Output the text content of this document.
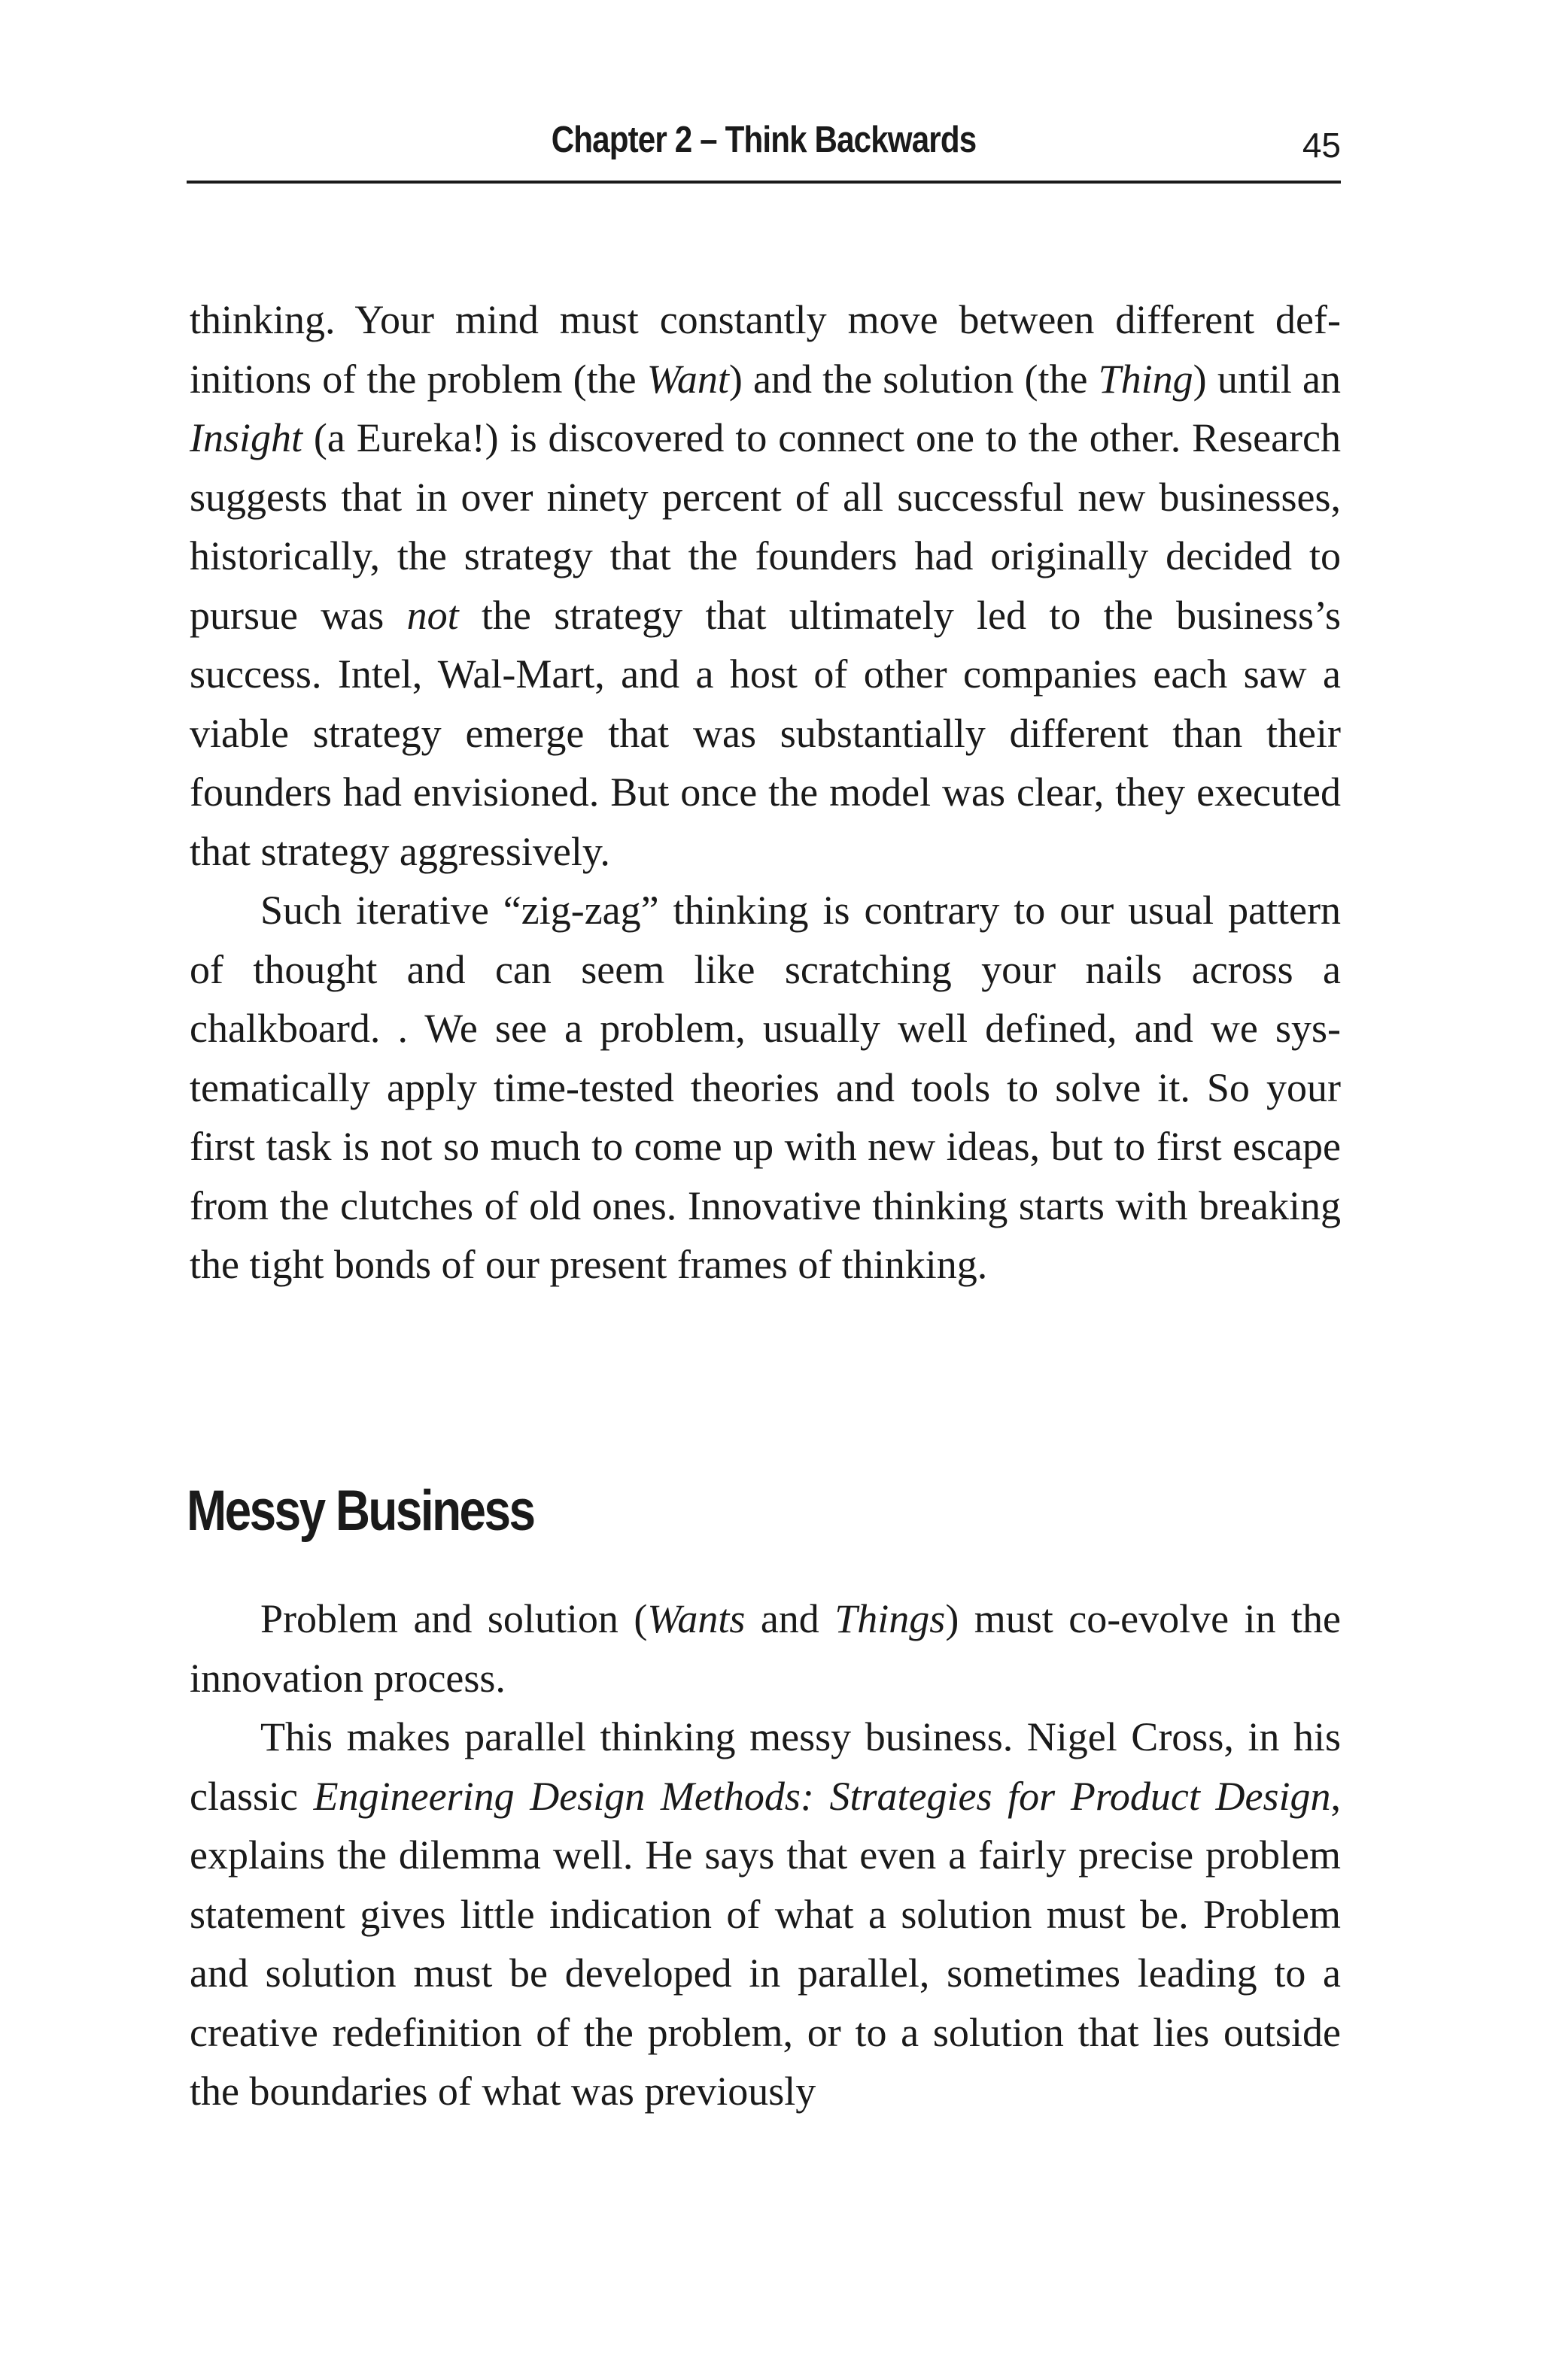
Chapter 2 – Think Backwards	45

thinking. Your mind must constantly move between different definitions of the problem (the Want) and the solution (the Thing) until an Insight (a Eureka!) is discovered to connect one to the other. Research suggests that in over ninety percent of all successful new businesses, historically, the strategy that the founders had originally decided to pursue was not the strategy that ultimately led to the business’s success. Intel, Wal-Mart, and a host of other companies each saw a viable strategy emerge that was substantially different than their founders had envisioned. But once the model was clear, they executed that strategy aggressively.

Such iterative “zig-zag” thinking is contrary to our usual pattern of thought and can seem like scratching your nails across a chalkboard. . We see a problem, usually well defined, and we systematically apply time-tested theories and tools to solve it. So your first task is not so much to come up with new ideas, but to first escape from the clutches of old ones. Innovative thinking starts with breaking the tight bonds of our present frames of thinking.

Messy Business

Problem and solution (Wants and Things) must co-evolve in the innovation process.

This makes parallel thinking messy business. Nigel Cross, in his classic Engineering Design Methods: Strategies for Product Design, explains the dilemma well. He says that even a fairly precise problem statement gives little indication of what a solution must be. Problem and solution must be developed in parallel, sometimes leading to a creative redefinition of the problem, or to a solution that lies outside the boundaries of what was previously
